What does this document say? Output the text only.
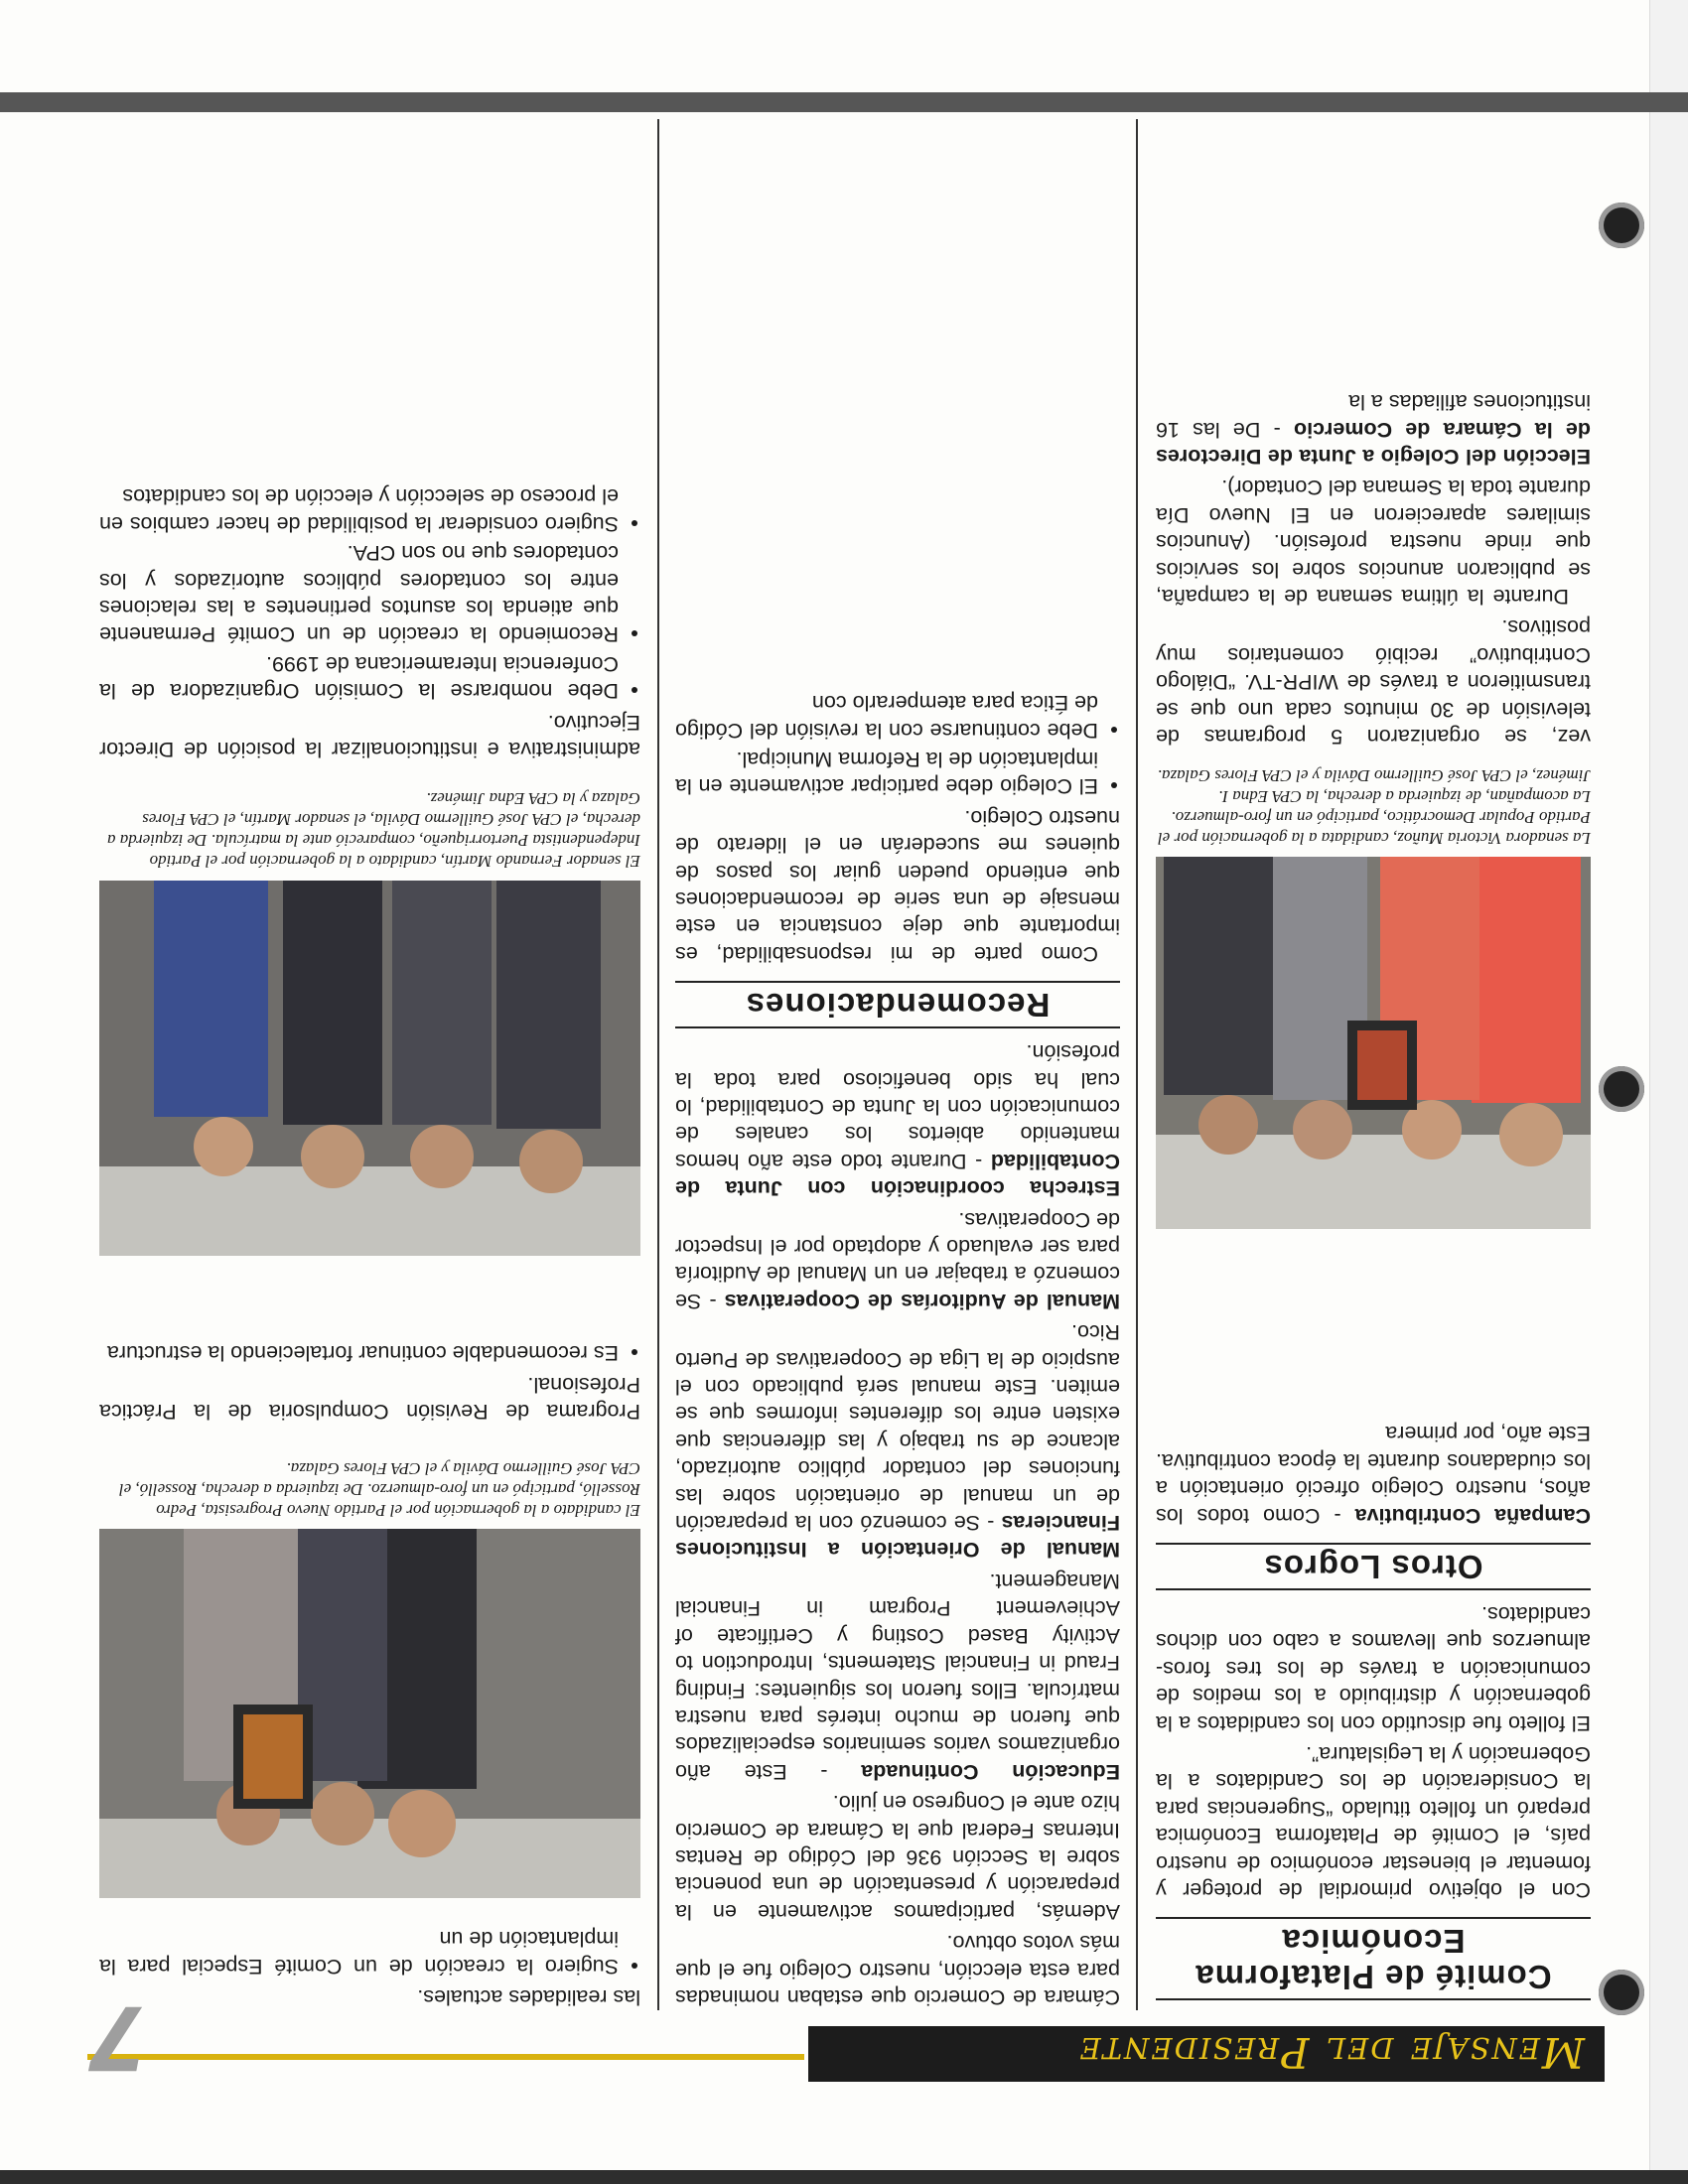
Mensaje del Presidente
7
Comité de Plataforma Económica

Con el objetivo primordial de proteger y fomentar el bienestar económico de nuestro país, el Comité de Plataforma Económica preparó un folleto titulado “Sugerencias para la Consideración de los Candidatos a la Gobernación y la Legislatura”.

El folleto fue discutido con los candidatos a la gobernación y distribuido a los medios de comunicación a través de los tres foros-almuerzos que llevamos a cabo con dichos candidatos.

Otros Logros

Campaña Contributiva - Como todos los años, nuestro Colegio ofreció orientación a los ciudadanos durante la época contributiva. Este año, por primera

La senadora Victoria Muñoz, candidata a la gobernación por el Partido Popular Democrático, participó en un foro-almuerzo. La acompañan, de izquierda a derecha, la CPA Edna I. Jiménez, el CPA José Guillermo Dávila y el CPA Flores Galaza.

vez, se organizaron 5 programas de televisión de 30 minutos cada uno que se transmitieron a través de WIPR-TV. “Diálogo Contributivo” recibió comentarios muy positivos.

Durante la última semana de la campaña, se publicaron anuncios sobre los servicios que rinde nuestra profesión. (Anuncios similares aparecieron en El Nuevo Día durante toda la Semana del Contador).

Elección del Colegio a Junta de Directores de la Cámara de Comercio - De las 16 instituciones afiliadas a la

Cámara de Comercio que estaban nominadas para esta elección, nuestro Colegio fue el que más votos obtuvo.

Además, participamos activamente en la preparación y presentación de una ponencia sobre la Sección 936 del Código de Rentas Internas Federal que la Cámara de Comercio hizo ante el Congreso en julio.

Educación Continuada - Este año organizamos varios seminarios especializados que fueron de mucho interés para nuestra matrícula. Ellos fueron los siguientes: Finding Fraud in Financial Statements, Introduction to Activity Based Costing y Certificate of Achievement Program in Financial Management.

Manual de Orientación a Instituciones Financieras - Se comenzó con la preparación de un manual de orientación sobre las funciones del contador público autorizado, alcance de su trabajo y las diferencias que existen entre los diferentes informes que se emiten. Este manual será publicado con el auspicio de la Liga de Cooperativas de Puerto Rico.

Manual de Auditorías de Cooperativas - Se comenzó a trabajar en un Manual de Auditoría para ser evaluado y adoptado por el Inspector de Cooperativas.

Estrecha coordinación con Junta de Contabilidad - Durante todo este año hemos mantenido abiertos los canales de comunicación con la Junta de Contabilidad, lo cual ha sido beneficioso para toda la profesión.

Recomendaciones

Como parte de mi responsabilidad, es importante que deje constancia en este mensaje de una serie de recomendaciones que entiendo pueden guiar los pasos de quienes me sucederán en el liderato de nuestro Colegio.

• El Colegio debe participar activamente en la implantación de la Reforma Municipal.
• Debe continuarse con la revisión del Código de Ética para atemperarlo con

las realidades actuales.

• Sugiero la creación de un Comité Especial para la implantación de un
El candidato a la gobernación por el Partido Nuevo Progresista, Pedro Rosselló, participó en un foro-almuerzo. De izquierda a derecha, Rosselló, el CPA José Guillermo Dávila y el CPA Flores Galaza.

Programa de Revisión Compulsoria de la Práctica Profesional.

• Es recomendable continuar fortaleciendo la estructura
El senador Fernando Martín, candidato a la gobernación por el Partido Independentista Puertorriqueño, compareció ante la matrícula. De izquierda a derecha, el CPA José Guillermo Dávila, el senador Martín, el CPA Flores Galaza y la CPA Edna Jiménez.

administrativa e institucionalizar la posición de Director Ejecutivo.

• Debe nombrarse la Comisión Organizadora de la Conferencia Interamericana de 1999.
• Recomiendo la creación de un Comité Permanente que atienda los asuntos pertinentes a las relaciones entre los contadores públicos autorizados y los contadores que no son CPA.
• Sugiero considerar la posibilidad de hacer cambios en el proceso de selección y elección de los candidatos
